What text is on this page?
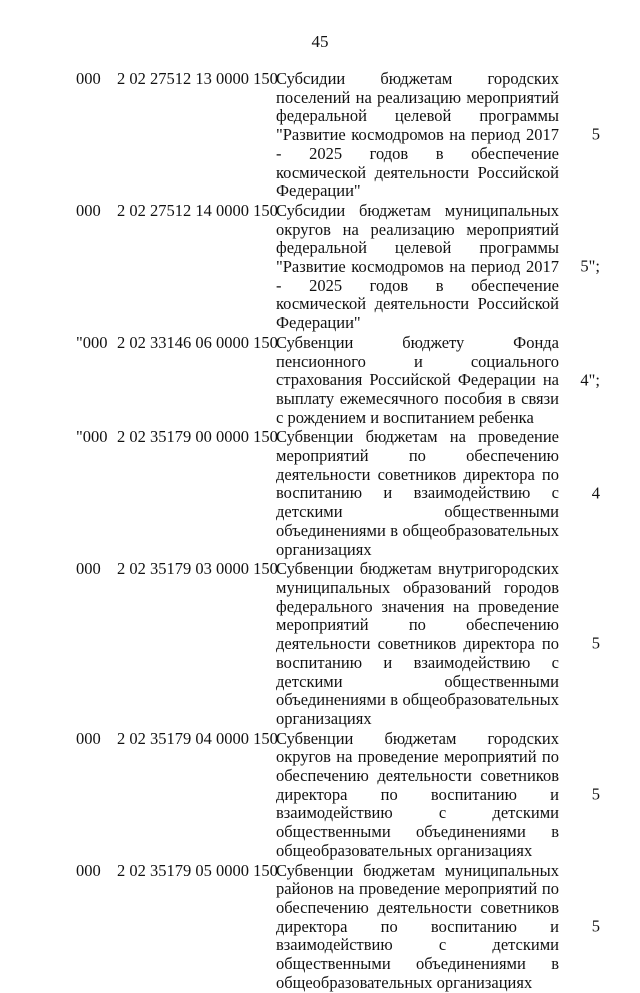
45
000 2 02 27512 13 0000 150
Субсидии бюджетам городских поселений на реализацию мероприятий федеральной целевой программы "Развитие космодромов на период 2017 - 2025 годов в обеспечение космической деятельности Российской Федерации"
5
000 2 02 27512 14 0000 150
Субсидии бюджетам муниципальных округов на реализацию мероприятий федеральной целевой программы "Развитие космодромов на период 2017 - 2025 годов в обеспечение космической деятельности Российской Федерации"
5";
"000 2 02 33146 06 0000 150
Субвенции бюджету Фонда пенсионного и социального страхования Российской Федерации на выплату ежемесячного пособия в связи с рождением и воспитанием ребенка
4";
"000 2 02 35179 00 0000 150
Субвенции бюджетам на проведение мероприятий по обеспечению деятельности советников директора по воспитанию и взаимодействию с детскими общественными объединениями в общеобразовательных организациях
4
000 2 02 35179 03 0000 150
Субвенции бюджетам внутригородских муниципальных образований городов федерального значения на проведение мероприятий по обеспечению деятельности советников директора по воспитанию и взаимодействию с детскими общественными объединениями в общеобразовательных организациях
5
000 2 02 35179 04 0000 150
Субвенции бюджетам городских округов на проведение мероприятий по обеспечению деятельности советников директора по воспитанию и взаимодействию с детскими общественными объединениями в общеобразовательных организациях
5
000 2 02 35179 05 0000 150
Субвенции бюджетам муниципальных районов на проведение мероприятий по обеспечению деятельности советников директора по воспитанию и взаимодействию с детскими общественными объединениями в общеобразовательных организациях
5
